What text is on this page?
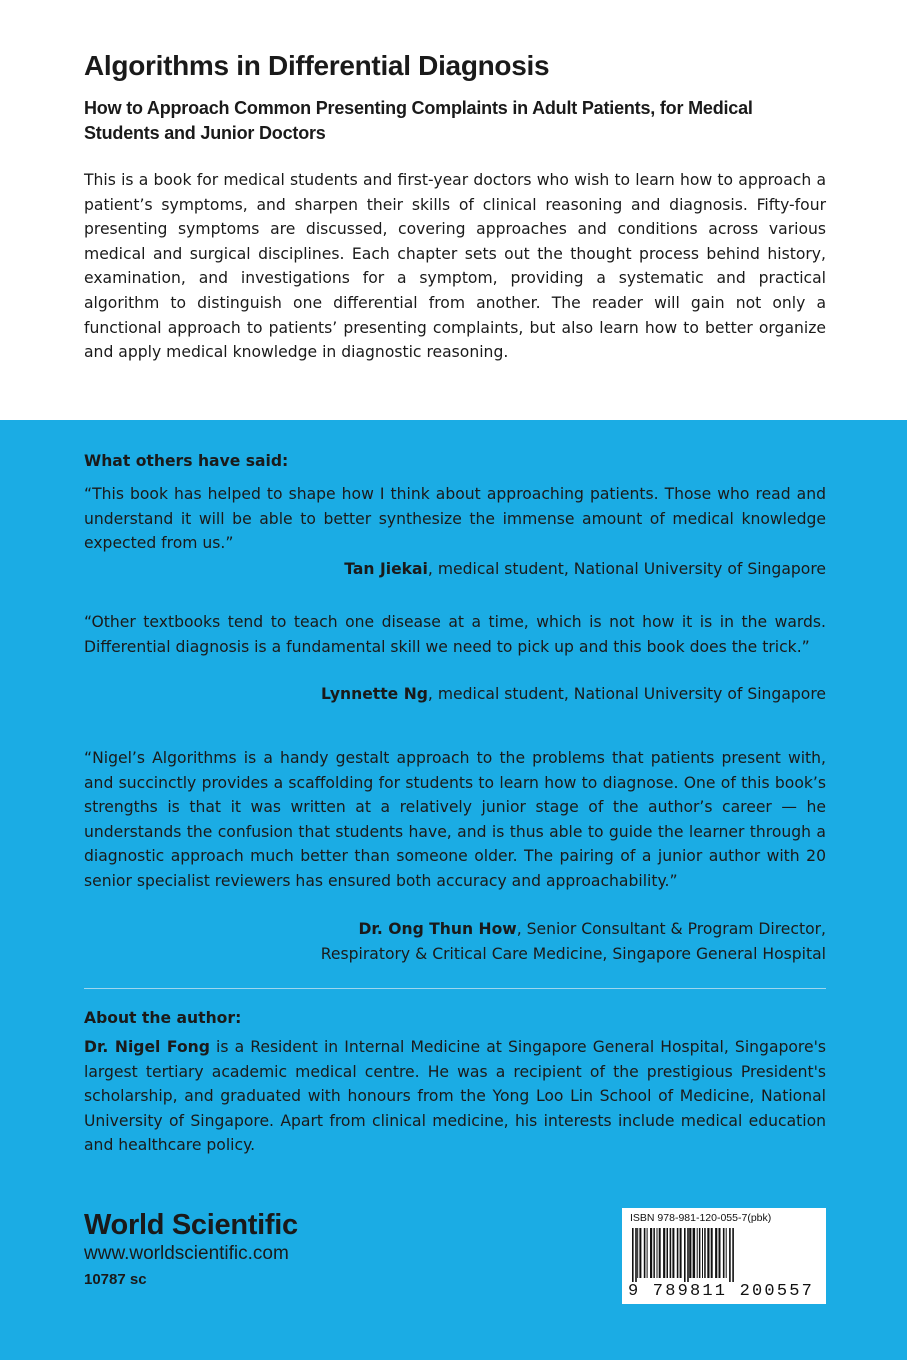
Algorithms in Differential Diagnosis
How to Approach Common Presenting Complaints in Adult Patients, for Medical Students and Junior Doctors

This is a book for medical students and first-year doctors who wish to learn how to approach a patient’s symptoms, and sharpen their skills of clinical reasoning and diagnosis. Fifty-four presenting symptoms are discussed, covering approaches and conditions across various medical and surgical disciplines. Each chapter sets out the thought process behind history, examination, and investigations for a symptom, providing a systematic and practical algorithm to distinguish one differential from another. The reader will gain not only a functional approach to patients’ presenting complaints, but also learn how to better organize and apply medical knowledge in diagnostic reasoning.

What others have said:

“This book has helped to shape how I think about approaching patients. Those who read and understand it will be able to better synthesize the immense amount of medical knowledge expected from us.”

Tan Jiekai, medical student, National University of Singapore

“Other textbooks tend to teach one disease at a time, which is not how it is in the wards. Differential diagnosis is a fundamental skill we need to pick up and this book does the trick.”

Lynnette Ng, medical student, National University of Singapore

“Nigel’s Algorithms is a handy gestalt approach to the problems that patients present with, and succinctly provides a scaffolding for students to learn how to diagnose. One of this book’s strengths is that it was written at a relatively junior stage of the author’s career — he understands the confusion that students have, and is thus able to guide the learner through a diagnostic approach much better than someone older. The pairing of a junior author with 20 senior specialist reviewers has ensured both accuracy and approachability.”

Dr. Ong Thun How, Senior Consultant & Program Director,
Respiratory & Critical Care Medicine, Singapore General Hospital

About the author:

Dr. Nigel Fong is a Resident in Internal Medicine at Singapore General Hospital, Singapore's largest tertiary academic medical centre. He was a recipient of the prestigious President's scholarship, and graduated with honours from the Yong Loo Lin School of Medicine, National University of Singapore. Apart from clinical medicine, his interests include medical education and healthcare policy.

World Scientific

www.worldscientific.com

10787 sc

ISBN 978-981-120-055-7(pbk)
9 789811 200557
